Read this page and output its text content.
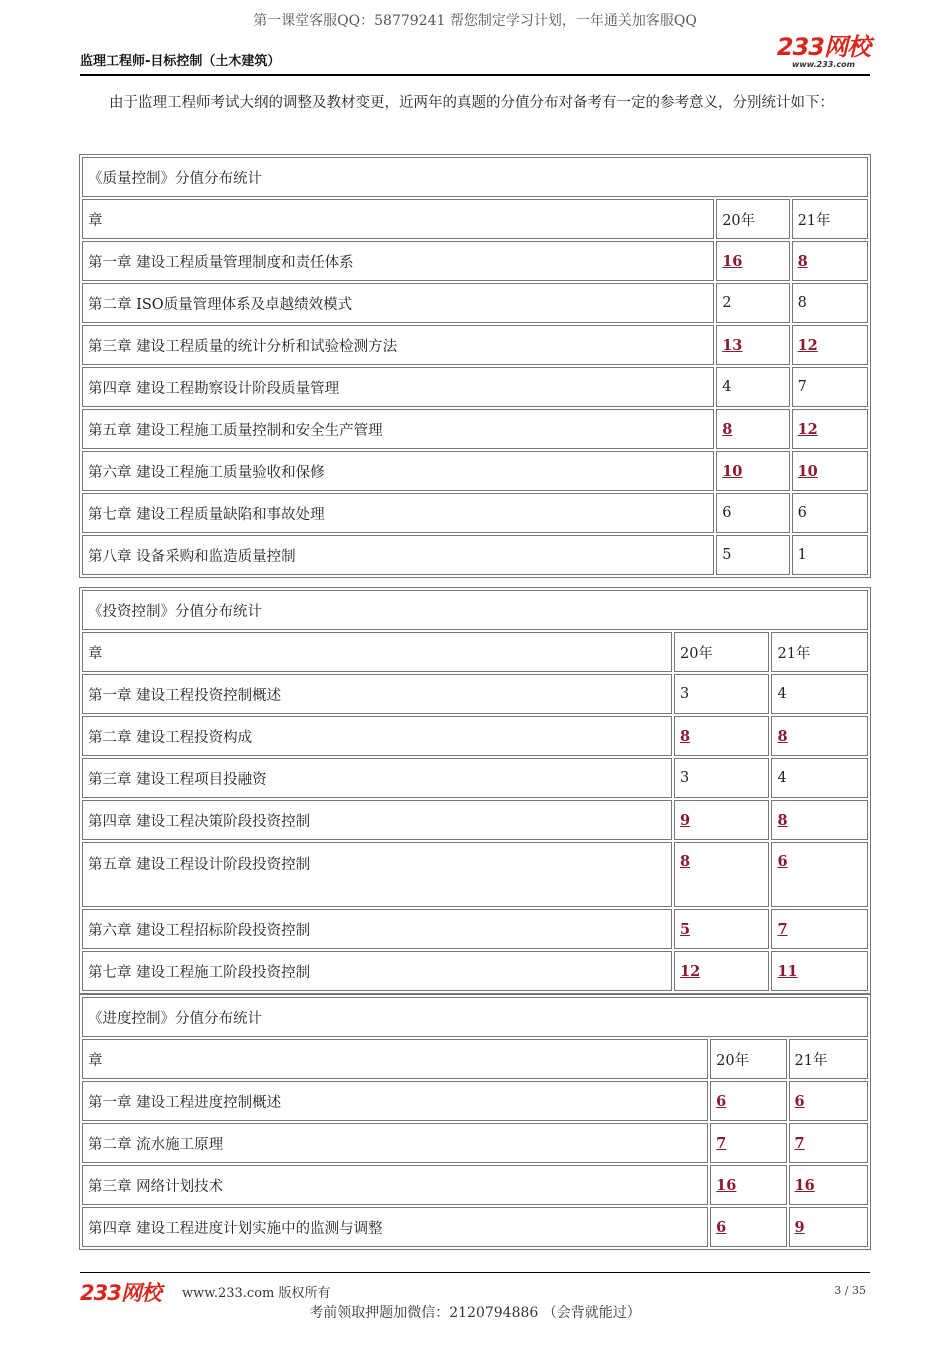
第一课堂客服QQ：58779241 帮您制定学习计划，一年通关加客服QQ
监理工程师-目标控制（土木建筑）
233网校
www.233.com

由于监理工程师考试大纲的调整及教材变更，近两年的真题的分值分布对备考有一定的参考意义，分别统计如下：

《质量控制》分值分布统计		
章	20年	21年
第一章 建设工程质量管理制度和责任体系	16	8
第二章 ISO质量管理体系及卓越绩效模式	2	8
第三章 建设工程质量的统计分析和试验检测方法	13	12
第四章 建设工程勘察设计阶段质量管理	4	7
第五章 建设工程施工质量控制和安全生产管理	8	12
第六章 建设工程施工质量验收和保修	10	10
第七章 建设工程质量缺陷和事故处理	6	6
第八章 设备采购和监造质量控制	5	1
《投资控制》分值分布统计		
章	20年	21年
第一章 建设工程投资控制概述	3	4
第二章 建设工程投资构成	8	8
第三章 建设工程项目投融资	3	4
第四章 建设工程决策阶段投资控制	9	8
第五章 建设工程设计阶段投资控制	8	6
第六章 建设工程招标阶段投资控制	5	7
第七章 建设工程施工阶段投资控制	12	11
《进度控制》分值分布统计		
章	20年	21年
第一章 建设工程进度控制概述	6	6
第二章 流水施工原理	7	7
第三章 网络计划技术	16	16
第四章 建设工程进度计划实施中的监测与调整	6	9
233网校 www.233.com 版权所有	3 / 35
考前领取押题加微信：2120794886 （会背就能过）
